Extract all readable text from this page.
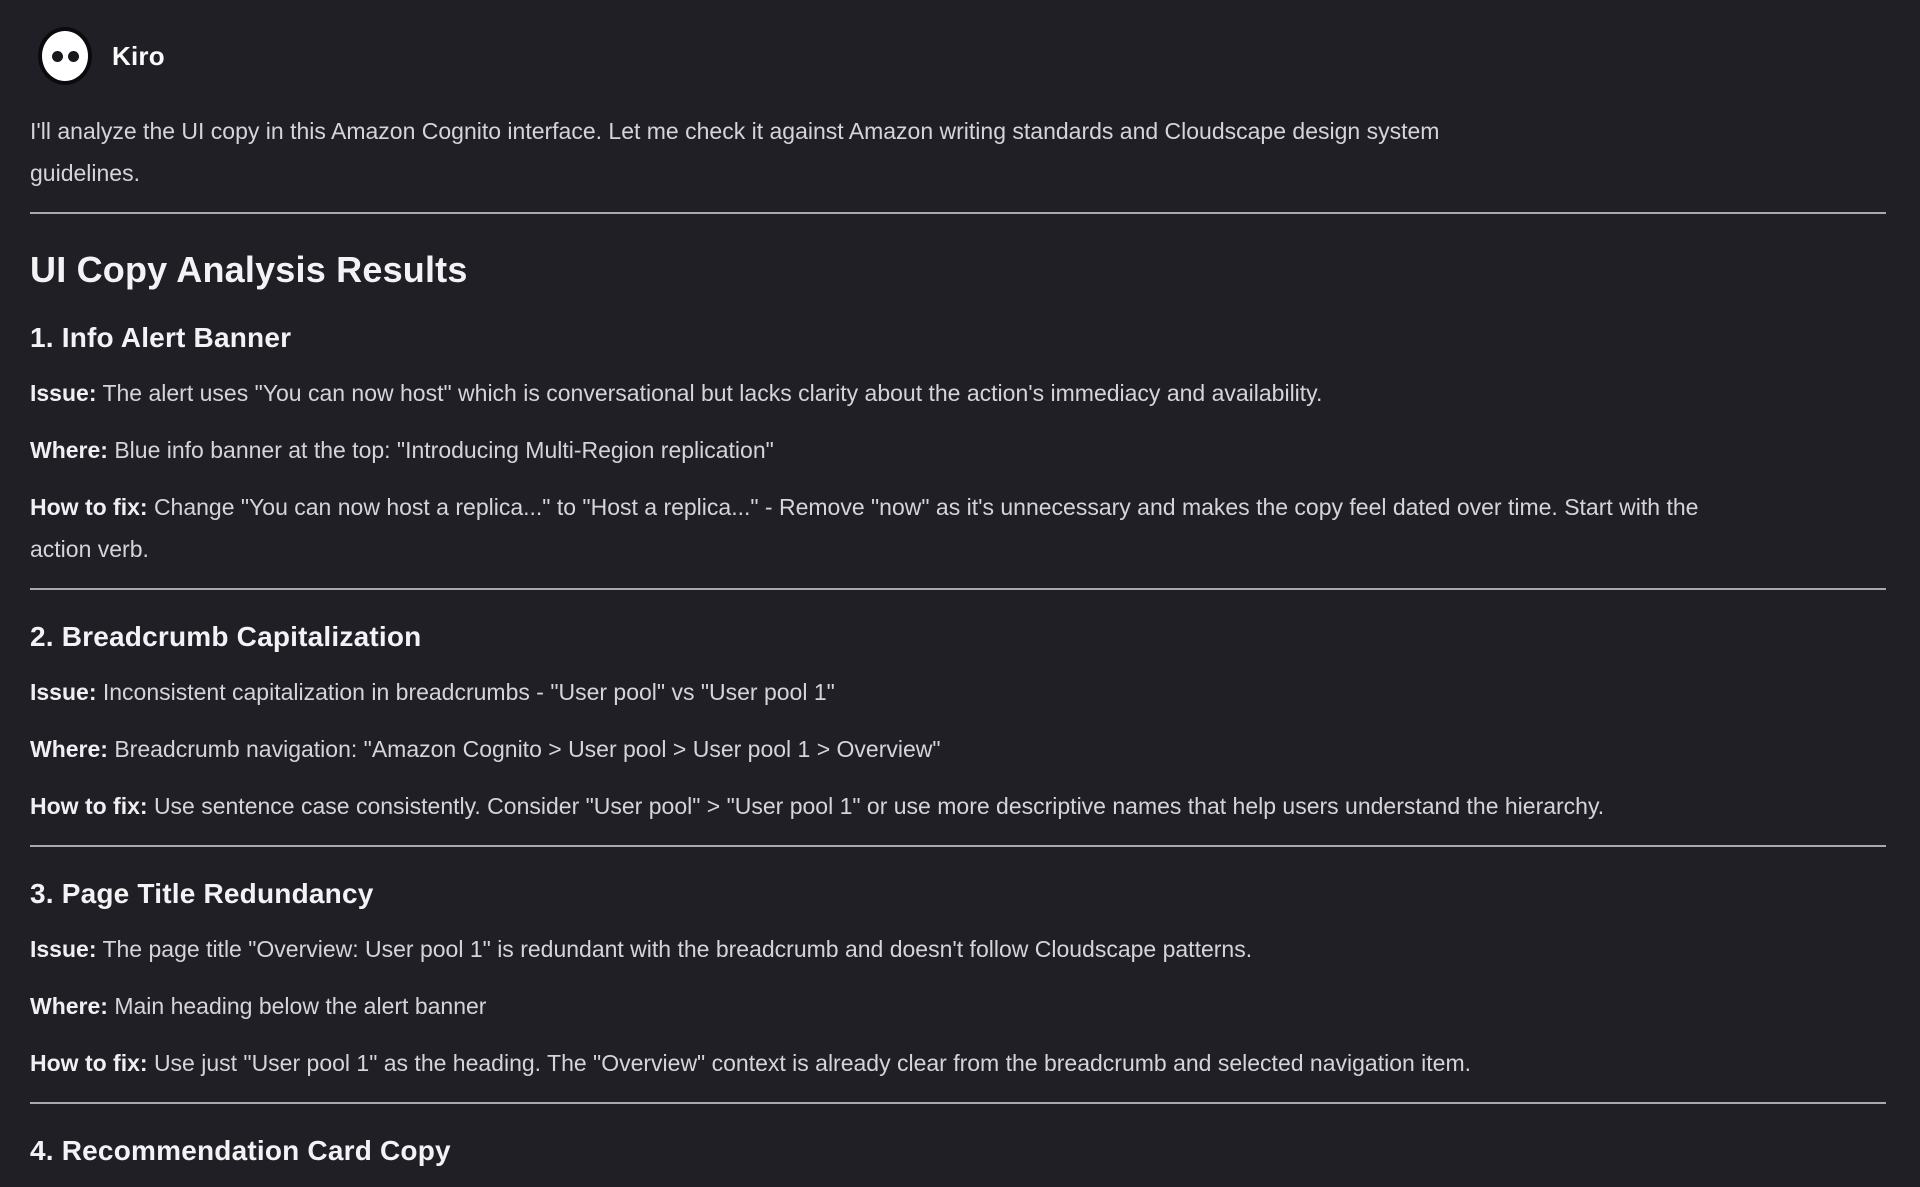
Kiro

I'll analyze the UI copy in this Amazon Cognito interface. Let me check it against Amazon writing standards and Cloudscape design system guidelines.

UI Copy Analysis Results
1. Info Alert Banner

Issue: The alert uses "You can now host" which is conversational but lacks clarity about the action's immediacy and availability.

Where: Blue info banner at the top: "Introducing Multi-Region replication"

How to fix: Change "You can now host a replica..." to "Host a replica..." - Remove "now" as it's unnecessary and makes the copy feel dated over time. Start with the action verb.

2. Breadcrumb Capitalization

Issue: Inconsistent capitalization in breadcrumbs - "User pool" vs "User pool 1"

Where: Breadcrumb navigation: "Amazon Cognito > User pool > User pool 1 > Overview"

How to fix: Use sentence case consistently. Consider "User pool" > "User pool 1" or use more descriptive names that help users understand the hierarchy.

3. Page Title Redundancy

Issue: The page title "Overview: User pool 1" is redundant with the breadcrumb and doesn't follow Cloudscape patterns.

Where: Main heading below the alert banner

How to fix: Use just "User pool 1" as the heading. The "Overview" context is already clear from the breadcrumb and selected navigation item.

4. Recommendation Card Copy
